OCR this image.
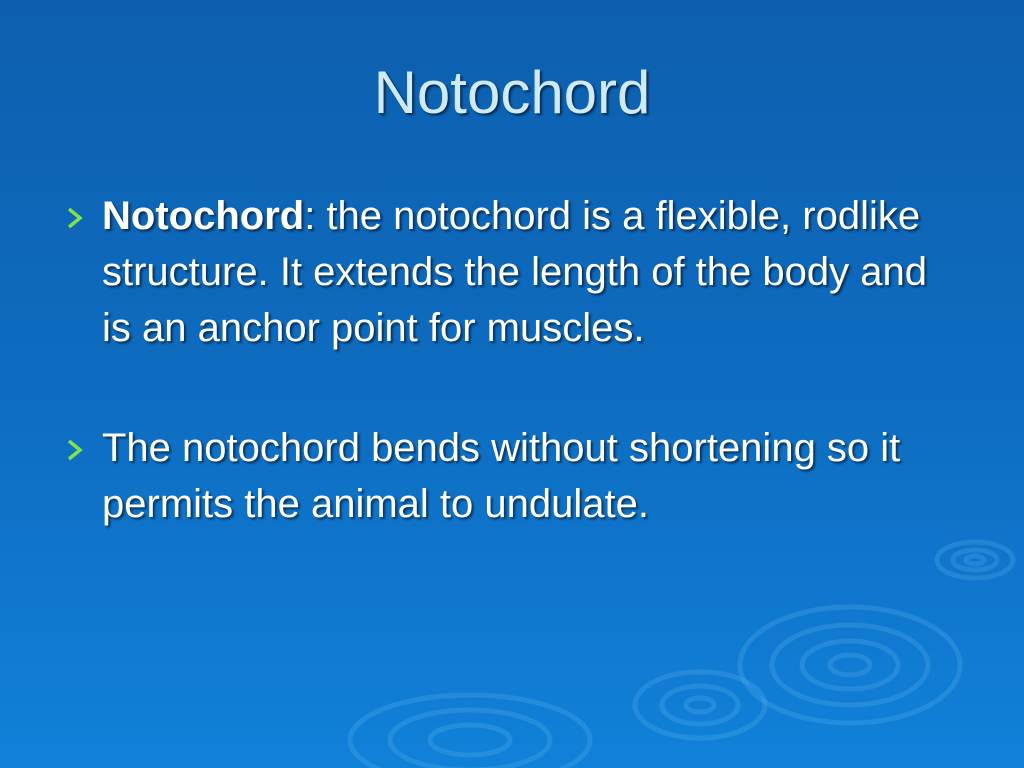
Notochord
Notochord: the notochord is a flexible, rodlike structure. It extends the length of the body and is an anchor point for muscles.
The notochord bends without shortening so it permits the animal to undulate.
